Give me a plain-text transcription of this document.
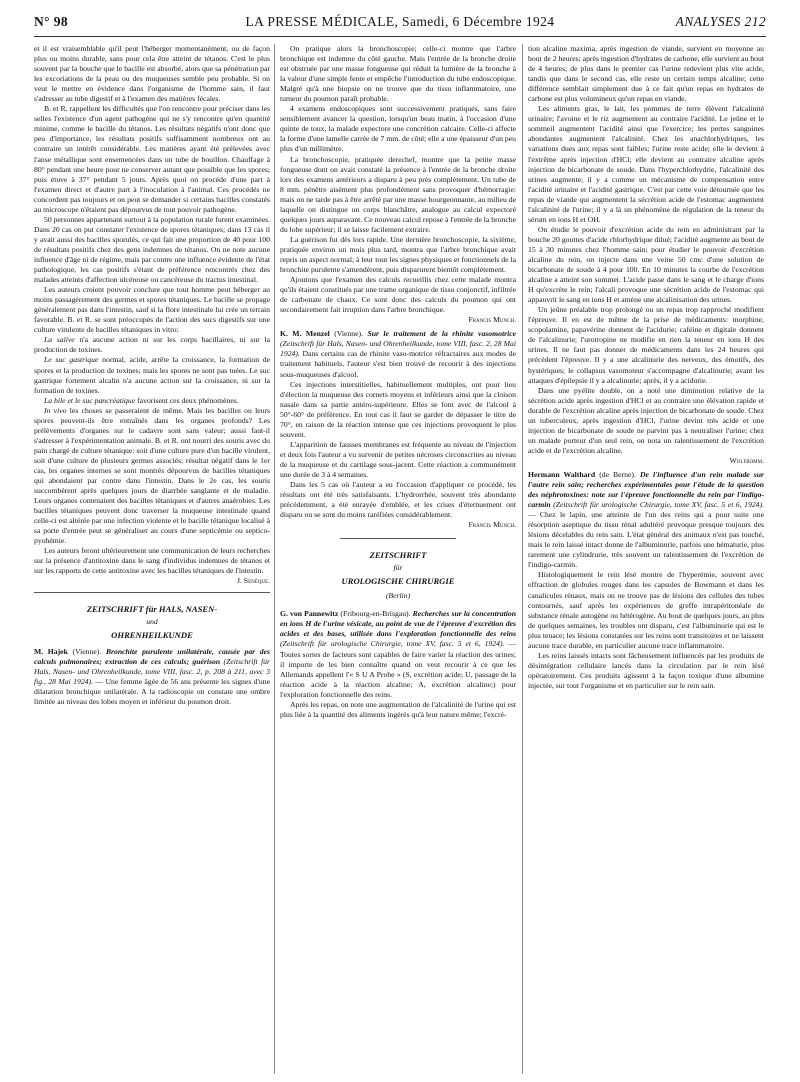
N° 98	LA PRESSE MÉDICALE, Samedi, 6 Décembre 1924	ANALYSES 212

et il est vraisemblable qu'il peut l'héberger momentanément, ou de façon plus ou moins durable, sans pour cela être atteint de tétanos. C'est le plus souvent par la bouche que le bacille est absorbé, alors que sa pénétration par les excoriations de la peau ou des muqueuses semble peu probable. Si on veut le mettre en évidence dans l'organisme de l'homme sain, il faut s'adresser au tube digestif et à l'examen des matières fécales.

B. et R. rappellent les difficultés que l'on rencontre pour préciser dans les selles l'existence d'un agent pathogène qui ne s'y rencontre qu'en quantité minime, comme le bacille du tétanos. Les résultats négatifs n'ont donc que peu d'importance, les résultats positifs suffisamment nombreux ont au contraire un intérêt considérable. Les matières ayant été prélevées avec l'anse métallique sont ensemencées dans un tube de bouillon. Chauffage à 80° pendant une heure pour ne conserver autant que possible que les spores; puis étuve à 37° pendant 5 jours. Après quoi on procède d'une part à l'examen direct et d'autre part à l'inoculation à l'animal. Ces procédés ne concordent pas toujours et on peut se demander si certains bacilles constatés au microscope n'étaient pas dépourvus de tout pouvoir pathogène.

50 personnes appartenant surtout à la population rurale furent examinées. Dans 20 cas on put constater l'existence de spores tétaniques; dans 13 cas il y avait aussi des bacilles sporulés, ce qui fait une proportion de 40 pour 100 de résultats positifs chez des gens indemnes de tétanos. On ne note aucune influence d'âge ni de régime, mais par contre une influence évidente de l'état pathologique, les cas positifs s'étant de préférence rencontrés chez des malades atteints d'affection ulcéreuse ou cancéreuse du tractus intestinal.

Les auteurs croient pouvoir conclure que tout homme peut héberger au moins passagèrement des germes et spores tétaniques. Le bacille se propage généralement pas dans l'intestin, sauf si la flore intestinale lui crée un terrain favorable. B. et R. se sont préoccupés de l'action des sucs digestifs sur une culture virulente de bacilles tétaniques in vitro:

La salive n'a aucune action ni sur les corps bacillaires, ni sur la production de toxines.

Le suc gastrique normal, acide, arrête la croissance, la formation de spores et la production de toxines; mais les spores ne sont pas tuées. Le suc gastrique fortement alcalin n'a aucune action sur la croissance, ni sur la formation de toxines.

La bile et le suc pancréatique favorisent ces deux phénomènes.

In vivo les choses se passeraient de même. Mais les bacilles ou leurs spores peuvent-ils être entraînés dans les organes profonds? Les prélèvements d'organes sur le cadavre sont sans valeur; aussi faut-il s'adresser à l'expérimentation animale. B. et R. ont nourri des souris avec du pain chargé de culture tétanique: soit d'une culture pure d'un bacille virulent, soit d'une culture de plusieurs germes associés; résultat négatif dans le 1er cas, les organes internes se sont montrés dépourvus de bacilles tétaniques qui abondaient par contre dans l'intestin. Dans le 2e cas, les souris succombèrent après quelques jours de diarrhée sanglante et de maladie. Leurs organes contenaient des bacilles tétaniques et d'autres anaérobies. Les bacilles tétaniques peuvent donc traverser la muqueuse intestinale quand celle-ci est altérée par une infection violente et le bacille tétanique localisé à sa porte d'entrée peut se généraliser au cours d'une septicémie ou septico-pyohémie.

Les auteurs feront ultérieurement une communication de leurs recherches sur la présence d'antitoxine dans le sang d'individus indemnes de tétanos et sur les rapports de cette antitoxine avec les bacilles tétaniques de l'intestin.

J. Sénèque.

ZEITSCHRIFT für HALS, NASEN-

und

OHRENHEILKUNDE

M. Hajek (Vienne). Bronchite purulente unilatérale, causée par des calculs pulmonaires; extraction de ces calculs; guérison (Zeitschrift für Hals, Nasen- und Ohrenheilkunde, tome VIII, fasc. 2, p. 208 à 211, avec 3 fig., 28 Mai 1924). — Une femme âgée de 56 ans présente les signes d'une dilatation bronchique unilatérale. A la radioscopie on constate une ombre limitée au niveau des lobes moyen et inférieur du poumon droit.

On pratique alors la bronchoscopie; celle-ci montre que l'arbre bronchique est indemne du côté gauche. Mais l'entrée de la bronche droite est obstruée par une masse fongueuse qui réduit la lumière de la bronche à la valeur d'une simple fente et empêche l'introduction du tube endoscopique. Malgré qu'à une biopsie on ne trouve que du tissu inflammatoire, une tumeur du poumon paraît probable.

4 examens endoscopiques sont successivement pratiqués, sans faire sensiblement avancer la question, lorsqu'un beau matin, à l'occasion d'une quinte de toux, la malade expectore une concrétion calcaire. Celle-ci affecte la forme d'une lamelle carrée de 7 mm. de côté; elle a une épaisseur d'un peu plus d'un millimètre.

La bronchoscopie, pratiquée derechef, montre que la petite masse fongueuse dont on avait constaté la présence à l'entrée de la bronche droite lors des examens antérieurs a disparu à peu près complètement. Un tube de 8 mm. pénètre aisément plus profondément sans provoquer d'hémorragie: mais on ne tarde pas à être arrêté par une masse bourgeonnante, au milieu de laquelle on distingue un corps blanchâtre, analogue au calcul expectoré quelques jours auparavant. Ce nouveau calcul repose à l'entrée de la bronche du lobe supérieur; il se laisse facilement extraire.

La guérison fut dès lors rapide. Une dernière bronchoscopie, la sixième, pratiquée environ un mois plus tard, montra que l'arbre bronchique avait repris un aspect normal; à leur tour les signes physiques et fonctionnels de la bronchite purulente s'amendèrent, puis disparurent bientôt complètement.

Ajoutons que l'examen des calculs recueillis chez cette malade montra qu'ils étaient constitués par une trame organique de tissu conjonctif, infiltrée de carbonate de chaux. Ce sont donc des calculs du poumon qui ont secondairement fait irruption dans l'arbre bronchique.

Francis Munch.

K. M. Menzel (Vienne). Sur le traitement de la rhinite vasomotrice (Zeitschrift für Hals, Nasen- und Ohrenheilkunde, tome VIII, fasc. 2, 28 Mai 1924). Dans certains cas de rhinite vaso-motrice réfractaires aux modes de traitement habituels, l'auteur s'est bien trouvé de recourir à des injections sous-muqueuses d'alcool.

Ces injections interstitielles, habituellement multiples, ont pour lieu d'élection la muqueuse des cornets moyens et inférieurs ainsi que la cloison nasale dans sa partie antéro-supérieure. Elles se font avec de l'alcool à 50°-60° de préférence. En tout cas il faut se garder de dépasser le titre de 70°, en raison de la réaction intense que ces injections provoquent le plus souvent.

L'apparition de fausses membranes est fréquente au niveau de l'injection et deux fois l'auteur a vu survenir de petites nécroses circonscrites au niveau de la muqueuse et du cartilage sous-jacent. Cette réaction a communément une durée de 3 à 4 semaines.

Dans les 5 cas où l'auteur a eu l'occasion d'appliquer ce procédé, les résultats ont été très satisfaisants. L'hydrorrhée, souvent très abondante précédemment, a été enrayée d'emblée, et les crises d'éternuement ont disparu ou se sont du moins raréfiées considérablement.

Francis Munch.

ZEITSCHRIFT

für

UROLOGISCHE CHIRURGIE

(Berlin)

G. von Pannewitz (Fribourg-en-Brisgau). Recherches sur la concentration en ions H de l'urine vésicale, au point de vue de l'épreuve d'excrétion des acides et des bases, utilisée dans l'exploration fonctionnelle des reins (Zeitschrift für urologische Chirurgie, tome XV, fasc. 5 et 6, 1924). — Toutes sortes de facteurs sont capables de faire varier la réaction des urines; il importe de les bien connaître quand on veut recourir à ce que les Allemands appellent l'« S U A Probe » (S, excrétion acide; U, passage de la réaction acide à la réaction alcaline; A, excrétion alcaline;) pour l'exploration fonctionnelle des reins.

Après les repas, on note une augmentation de l'alcalinité de l'urine qui est plus liée à la quantité des aliments ingérés qu'à leur nature même; l'excré-

tion alcaline maxima, après ingestion de viande, survient en moyenne au bout de 2 heures; après ingestion d'hydrates de carbone, elle survient au bout de 4 heures; de plus dans le premier cas l'urine redevient plus vite acide, tandis que dans le second cas, elle reste un certain temps alcaline; cette différence semblait simplement due à ce fait qu'un repas en hydrates de carbone est plus volumineux qu'un repas en viande.

Les aliments gras, le lait, les pommes de terre élèvent l'alcalinité urinaire; l'avoine et le riz augmentent au contraire l'acidité. Le jeûne et le sommeil augmentent l'acidité ainsi que l'exercice; les pertes sanguines abondantes augmentent l'alcalinité. Chez les anachlorhydriques, les variations dues aux repas sont faibles; l'urine reste acide; elle le devient à l'extrême après injection d'HCl; elle devient au contraire alcaline après injection de bicarbonate de soude. Dans l'hyperchlorhydrie, l'alcalinité des urines augmente; il y a comme un mécanisme de compensation entre l'acidité urinaire et l'acidité gastrique. C'est par cette voie détournée que les repas de viande qui augmentent la sécrétion acide de l'estomac augmentent l'alcalinité de l'urine; il y a là un phénomène de régulation de la teneur du sérum en ions H et OH.

On étudie le pouvoir d'excrétion acide du rein en administrant par la bouche 20 gouttes d'acide chlorhydrique dilué; l'acidité augmente au bout de 15 à 30 minutes chez l'homme sain; pour étudier le pouvoir d'excrétion alcaline du rein, on injecte dans une veine 50 cmc d'une solution de bicarbonate de soude à 4 pour 100. En 10 minutes la courbe de l'excrétion alcaline a atteint son sommet. L'acide passe dans le sang et le charge d'ions H qu'excrète le rein; l'alcali provoque une sécrétion acide de l'estomac qui appauvrit le sang en ions H et amène une alcalinisation des urines.

Un jeûne préalable trop prolongé ou un repas trop rapproché modifient l'épreuve. Il en est de même de la prise de médicaments: morphine, scopolamine, papavérine donnent de l'acidurie; caféine et digitale donnent de l'alcalinurie; l'urotropine ne modifie en rien la teneur en ions H des urines. Il ne faut pas donner de médicaments dans les 24 heures qui précèdent l'épreuve. Il y a une alcalinurie des nerveux, des émotifs, des hystériques; le collapsus vasomoteur s'accompagne d'alcalinurie; avant les attaques d'épilepsie il y a alcalinurie; après, il y a acidurie.

Dans une pyélite double, on a noté une diminution relative de la sécrétion acide après ingestion d'HCl et au contraire une élévation rapide et durable de l'excrétion alcaline après injection de bicarbonate de soude. Chez un tuberculeux, après ingestion d'HCl, l'urine devint très acide et une injection de bicarbonate de soude ne parvint pas à neutraliser l'urine; chez un malade porteur d'un seul rein, on nota un ralentissement de l'excrétion acide et de l'excrétion alcaline.

Wolfromm.

Hermann Walthard (de Berne). De l'influence d'un rein malade sur l'autre rein sain; recherches expérimentales pour l'étude de la question des néphrotoxines: note sur l'épreuve fonctionnelle du rein par l'indigo-carmin (Zeitschrift für urologische Chirurgie, tome XV, fasc. 5 et 6, 1924). — Chez le lapin, une atteinte de l'un des reins qui a pour suite une résorption aseptique du tissu rénal adultéré provoque presque toujours des lésions décelables du rein sain. L'état général des animaux n'est pas touché, mais le rein laissé intact donne de l'albuminurie, parfois une hématurie, plus rarement une cylindrurie, très souvent un ralentissement de l'excrétion de l'indigo-carmin.

Histologiquement le rein lésé montre de l'hyperémie, souvent avec effraction de globules rouges dans les capsules de Bowmann et dans les canalicules rénaux, mais on ne trouve pas de lésions des cellules des tubes contournés, sauf après les expériences de greffe intrapéritonéale de substance rénale autogène ou hétérogène. Au bout de quelques jours, au plus de quelques semaines, les troubles ont disparu, c'est l'albuminurie qui est le plus tenace; les lésions constatées sur les reins sont transitoires et ne laissent aucune trace durable, en particulier aucune trace inflammatoire.

Les reins laissés intacts sont fâcheusement influencés par les produits de désintégration cellulaire lancés dans la circulation par le rein lésé opératoirement. Ces produits agissent à la façon toxique d'une albumine injectée, sur tout l'organisme et en particulier sur le rein sain.
